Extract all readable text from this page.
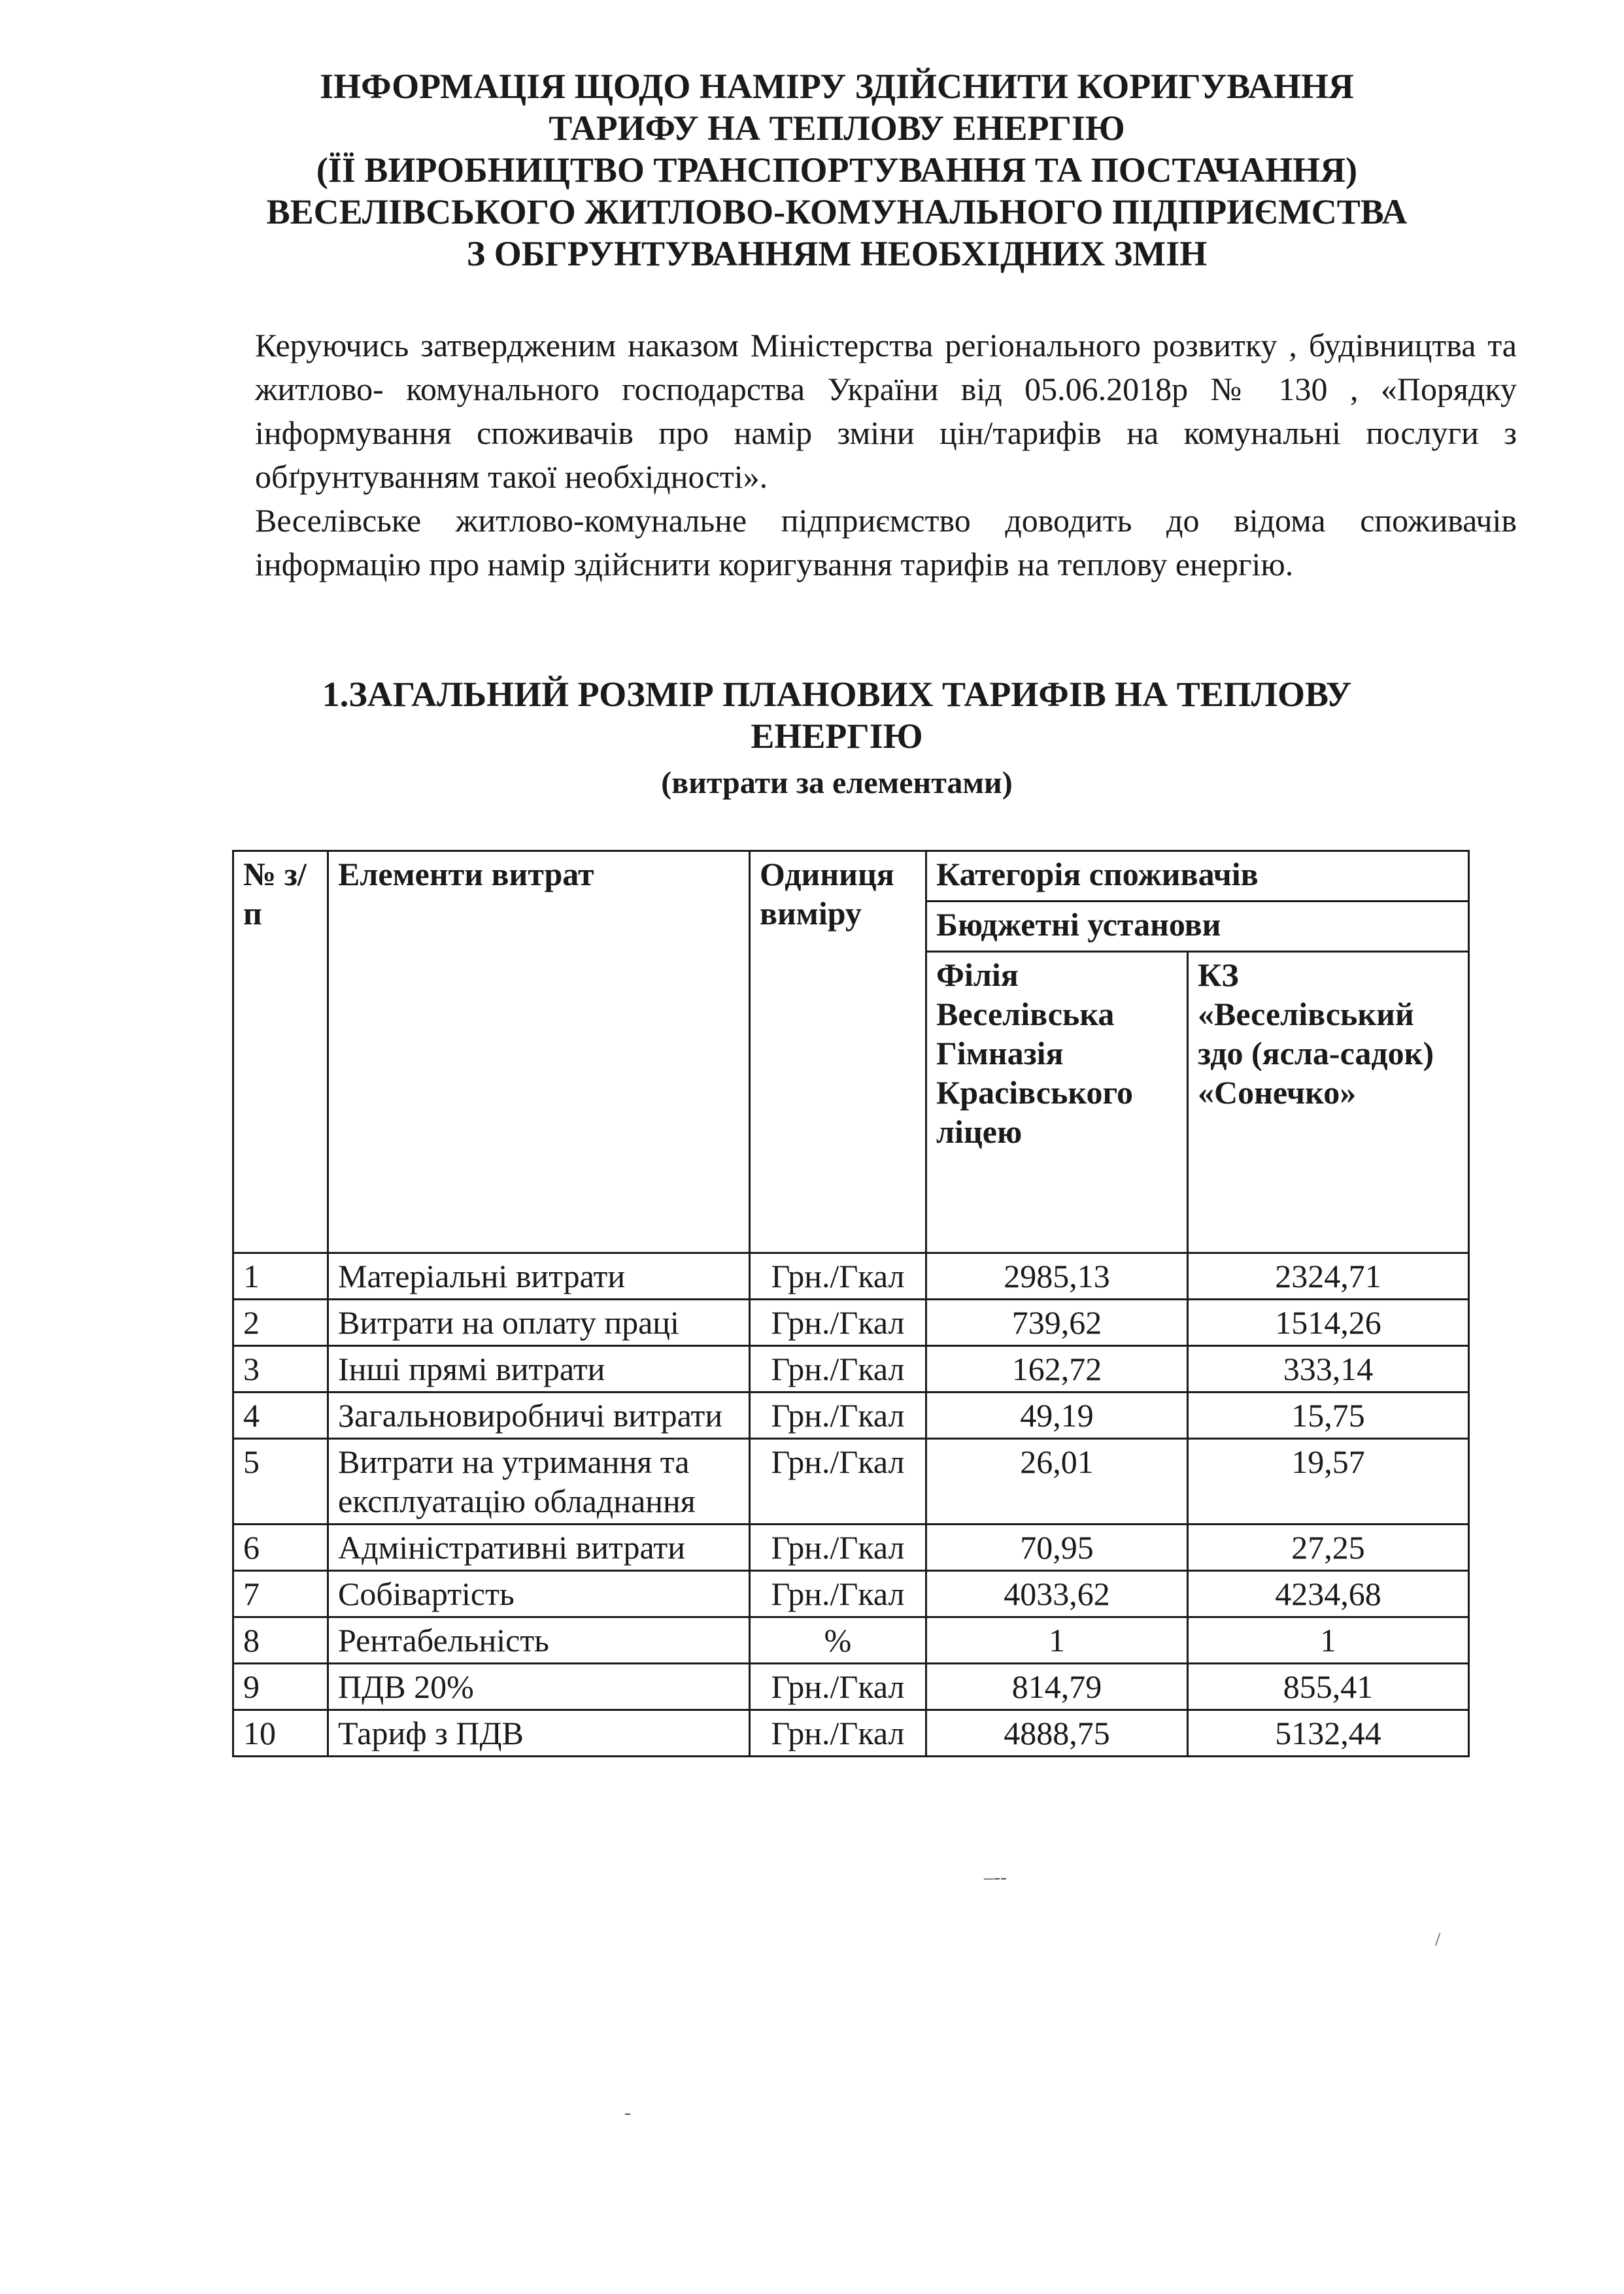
ІНФОРМАЦІЯ ЩОДО НАМІРУ ЗДІЙСНИТИ КОРИГУВАННЯ
ТАРИФУ НА ТЕПЛОВУ ЕНЕРГІЮ
(ЇЇ ВИРОБНИЦТВО ТРАНСПОРТУВАННЯ ТА ПОСТАЧАННЯ)
ВЕСЕЛІВСЬКОГО ЖИТЛОВО-КОМУНАЛЬНОГО ПІДПРИЄМСТВА
З ОБГРУНТУВАННЯМ НЕОБХІДНИХ ЗМІН

Керуючись затвердженим наказом Міністерства регіонального розвитку , будівництва та житлово- комунального господарства України від 05.06.2018р № 130 , «Порядку інформування споживачів про намір зміни цін/тарифів на комунальні послуги з обґрунтуванням такої необхідності».

Веселівське житлово-комунальне підприємство доводить до відома споживачів інформацію про намір здійснити коригування тарифів на теплову енергію.

1.ЗАГАЛЬНИЙ РОЗМІР ПЛАНОВИХ ТАРИФІВ НА ТЕПЛОВУ
ЕНЕРГІЮ
(витрати за елементами)
№ з/п	Елементи витрат	Одиниця виміру	Категорія споживачів	
			Бюджетні установи	
			Філія Веселівська Гімназія Красівського ліцею	КЗ «Веселівський здо (ясла-садок) «Сонечко»
1	Матеріальні витрати	Грн./Гкал	2985,13	2324,71
2	Витрати на оплату праці	Грн./Гкал	739,62	1514,26
3	Інші прямі витрати	Грн./Гкал	162,72	333,14
4	Загальновиробничі витрати	Грн./Гкал	49,19	15,75
5	Витрати на утримання та експлуатацію обладнання	Грн./Гкал	26,01	19,57
6	Адміністративні витрати	Грн./Гкал	70,95	27,25
7	Собівартість	Грн./Гкал	4033,62	4234,68
8	Рентабельність	%	1	1
9	ПДВ 20%	Грн./Гкал	814,79	855,41
10	Тариф з ПДВ	Грн./Гкал	4888,75	5132,44
–‑‑
/
-
